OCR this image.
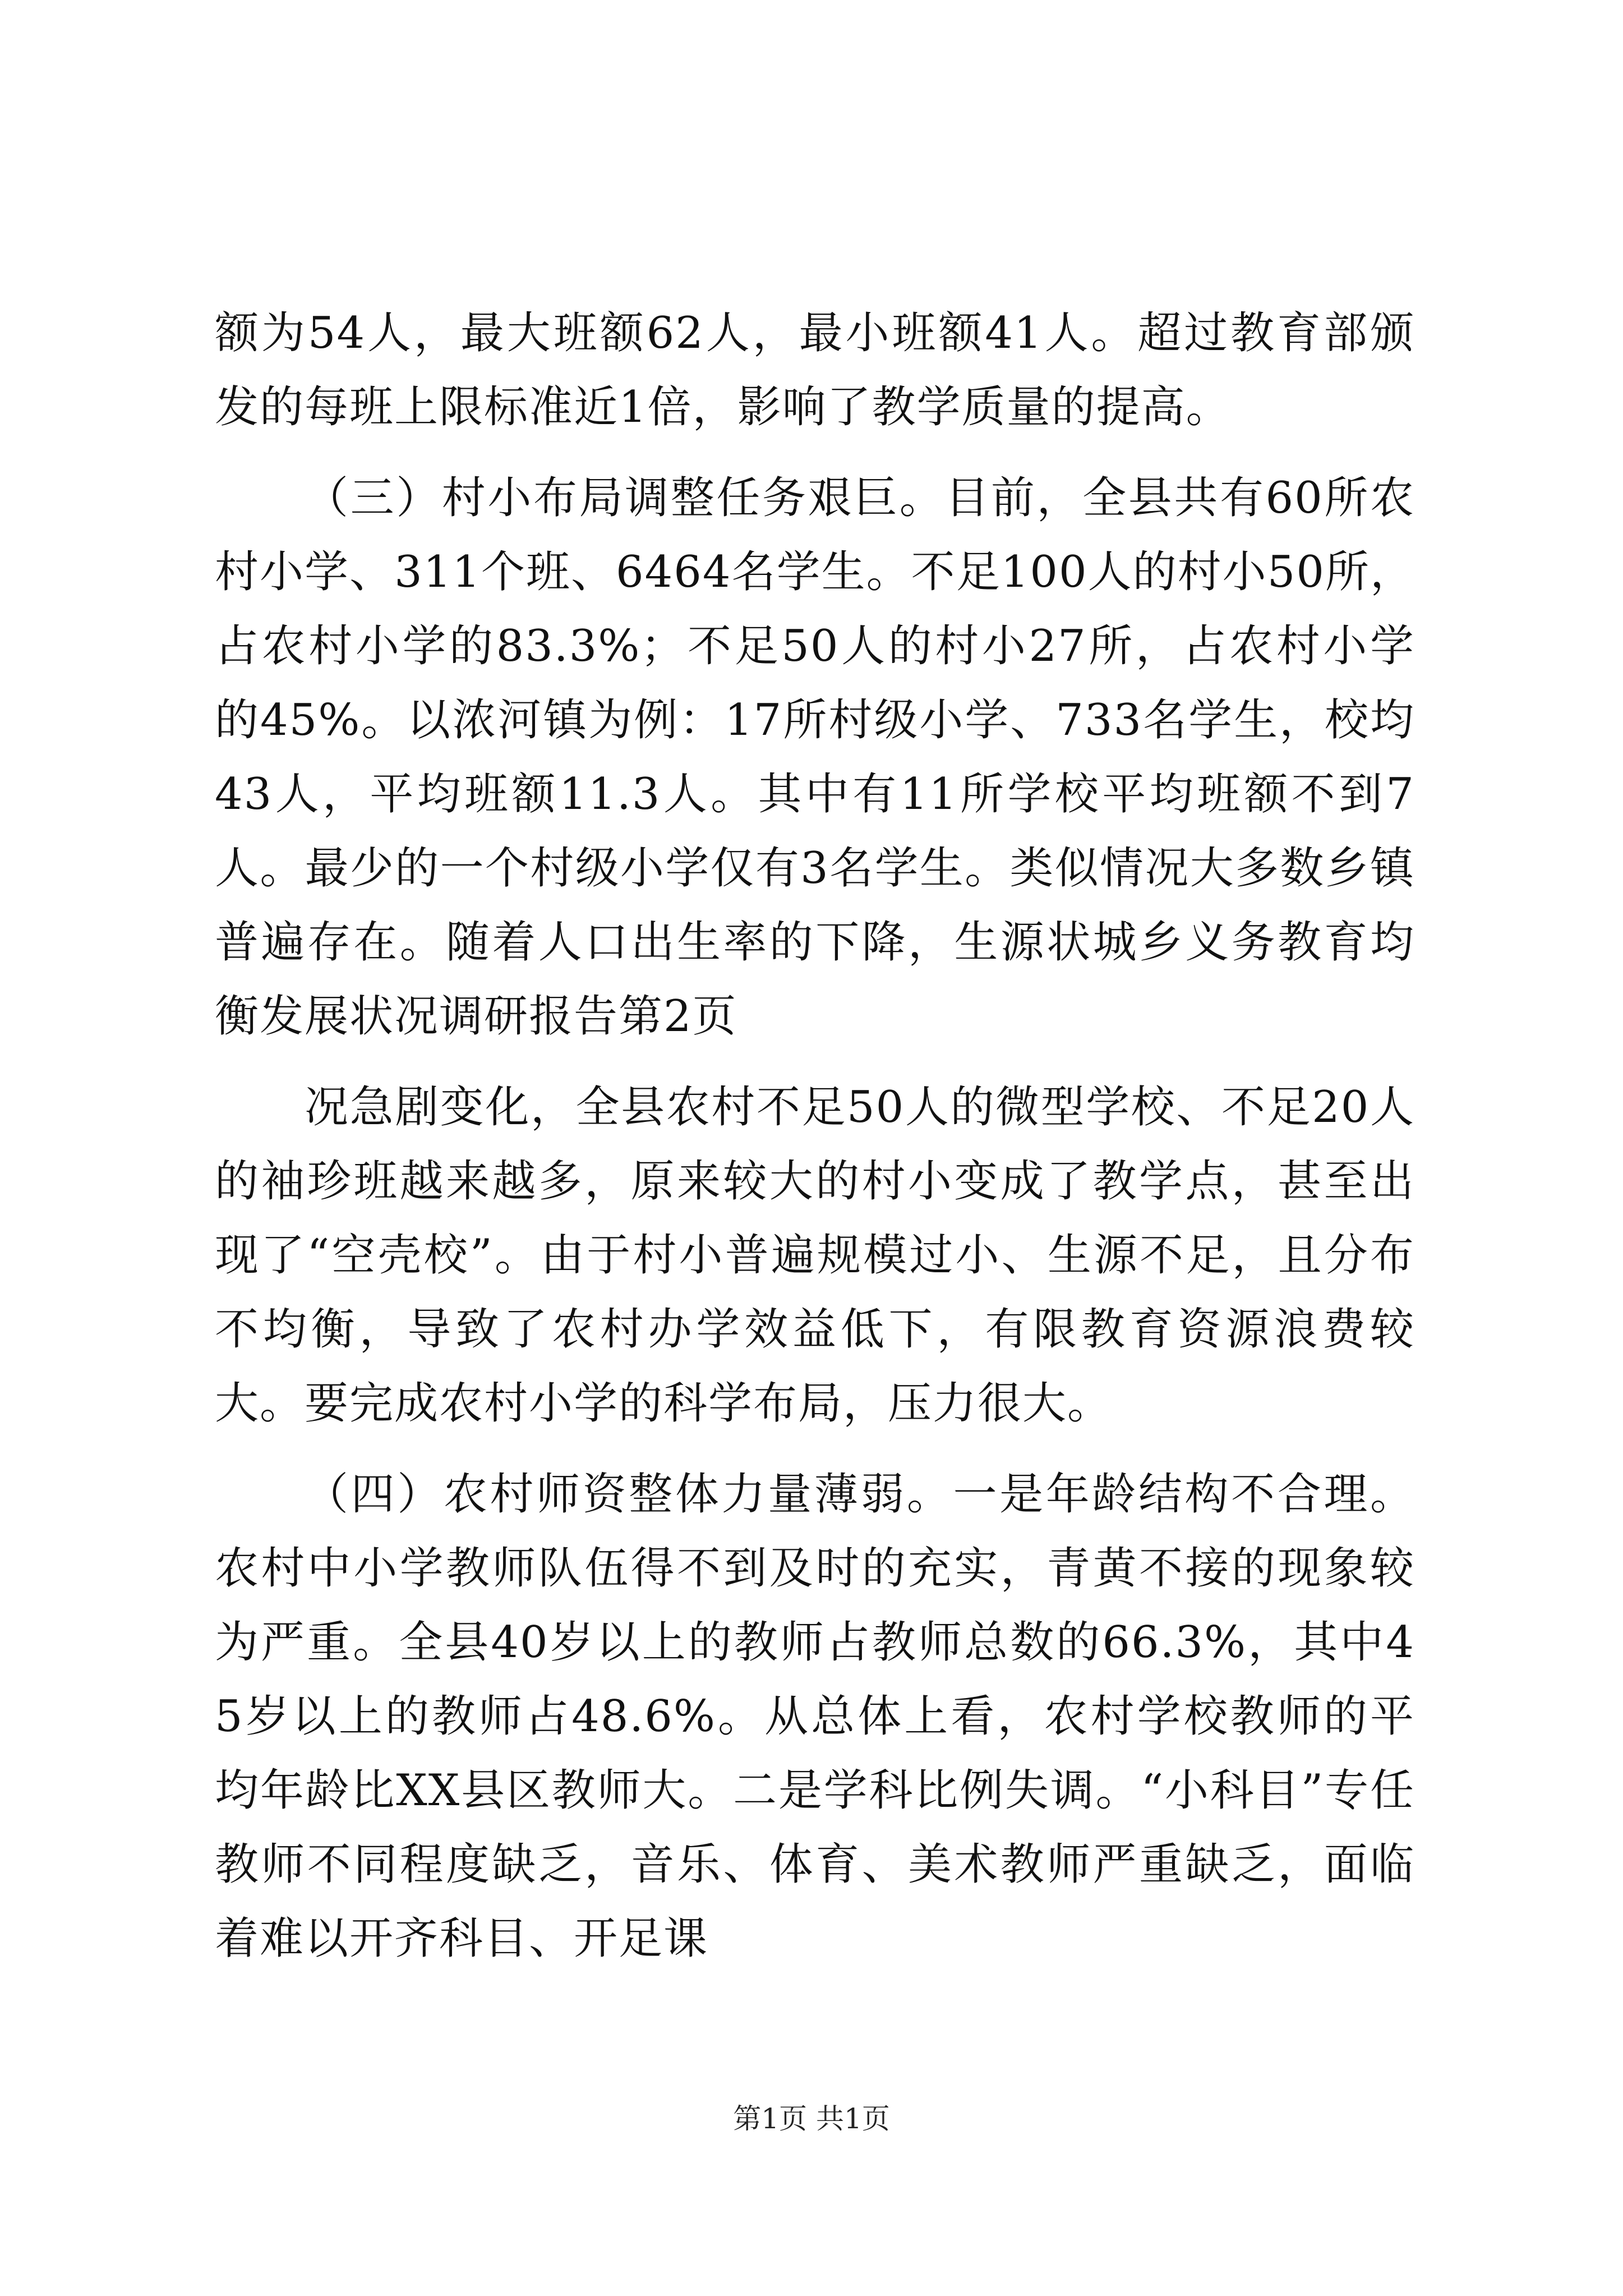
额为54人，最大班额62人，最小班额41人。超过教育部颁发的每班上限标准近1倍，影响了教学质量的提高。

（三）村小布局调整任务艰巨。目前，全县共有60所农村小学、311个班、6464名学生。不足100人的村小50所，占农村小学的83.3%；不足50人的村小27所，占农村小学的45%。以浓河镇为例：17所村级小学、733名学生，校均43人，平均班额11.3人。其中有11所学校平均班额不到7人。最少的一个村级小学仅有3名学生。类似情况大多数乡镇普遍存在。随着人口出生率的下降，生源状城乡义务教育均衡发展状况调研报告第2页

况急剧变化，全县农村不足50人的微型学校、不足20人的袖珍班越来越多，原来较大的村小变成了教学点，甚至出现了“空壳校”。由于村小普遍规模过小、生源不足，且分布不均衡，导致了农村办学效益低下，有限教育资源浪费较大。要完成农村小学的科学布局，压力很大。

（四）农村师资整体力量薄弱。一是年龄结构不合理。农村中小学教师队伍得不到及时的充实，青黄不接的现象较为严重。全县40岁以上的教师占教师总数的66.3%，其中45岁以上的教师占48.6%。从总体上看，农村学校教师的平均年龄比XX县区教师大。二是学科比例失调。“小科目”专任教师不同程度缺乏，音乐、体育、美术教师严重缺乏，面临着难以开齐科目、开足课

第1页 共1页
